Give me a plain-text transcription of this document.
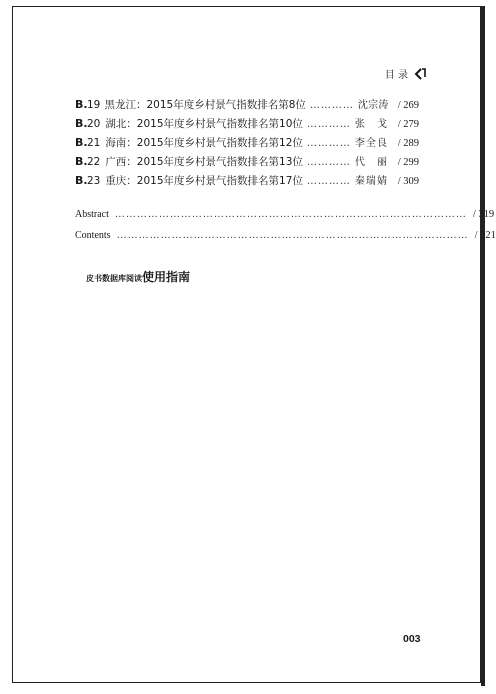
目 录
B. 19 黑龙江：2015年度乡村景气指数排名第8位 ………… 沈宗涛 / 269
B. 20 湖北：2015年度乡村景气指数排名第10位 ………… 张 戈	/ 279
B. 21 海南：2015年度乡村景气指数排名第12位 ………… 李全良	/ 289
B. 22 广西：2015年度乡村景气指数排名第13位 ………… 代 丽	/ 299
B. 23 重庆：2015年度乡村景气指数排名第17位 ………… 秦瑞婧	/ 309
Abstract …………………………………………………………………………………… / 319
Contents …………………………………………………………………………………… / 321
皮书数据库阅读使用指南
003
